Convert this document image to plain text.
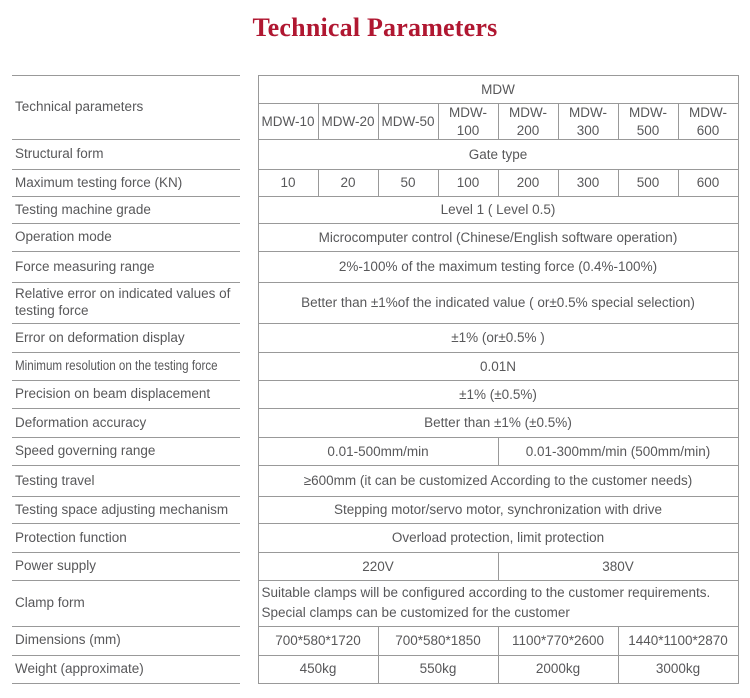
Technical Parameters
Technical parameters		MDW							
		MDW-10	MDW-20	MDW-50	MDW-100	MDW-200	MDW-300	MDW-500	MDW-600
Structural form		Gate type							
Maximum testing force (KN)		10	20	50	100	200	300	500	600
Testing machine grade		Level 1 ( Level 0.5)							
Operation mode		Microcomputer control (Chinese/English software operation)							
Force measuring range		2%-100% of the maximum testing force (0.4%-100%)							
Relative error on indicated values of testing force		Better than ±1%of the indicated value ( or±0.5% special selection)							
Error on deformation display		±1% (or±0.5% )							
Minimum resolution on the testing force		0.01N							
Precision on beam displacement		±1% (±0.5%)							
Deformation accuracy		Better than ±1% (±0.5%)							
Speed governing range		0.01-500mm/min				0.01-300mm/min (500mm/min)			
Testing travel		≥600mm (it can be customized According to the customer needs)							
Testing space adjusting mechanism		Stepping motor/servo motor, synchronization with drive							
Protection function		Overload protection, limit protection							
Power supply		220V				380V			
Clamp form		Suitable clamps will be configured according to the customer requirements. Special clamps can be customized for the customer							
Dimensions (mm)		700*580*1720		700*580*1850		1100*770*2600		1440*1100*2870	
Weight (approximate)		450kg		550kg		2000kg		3000kg	
